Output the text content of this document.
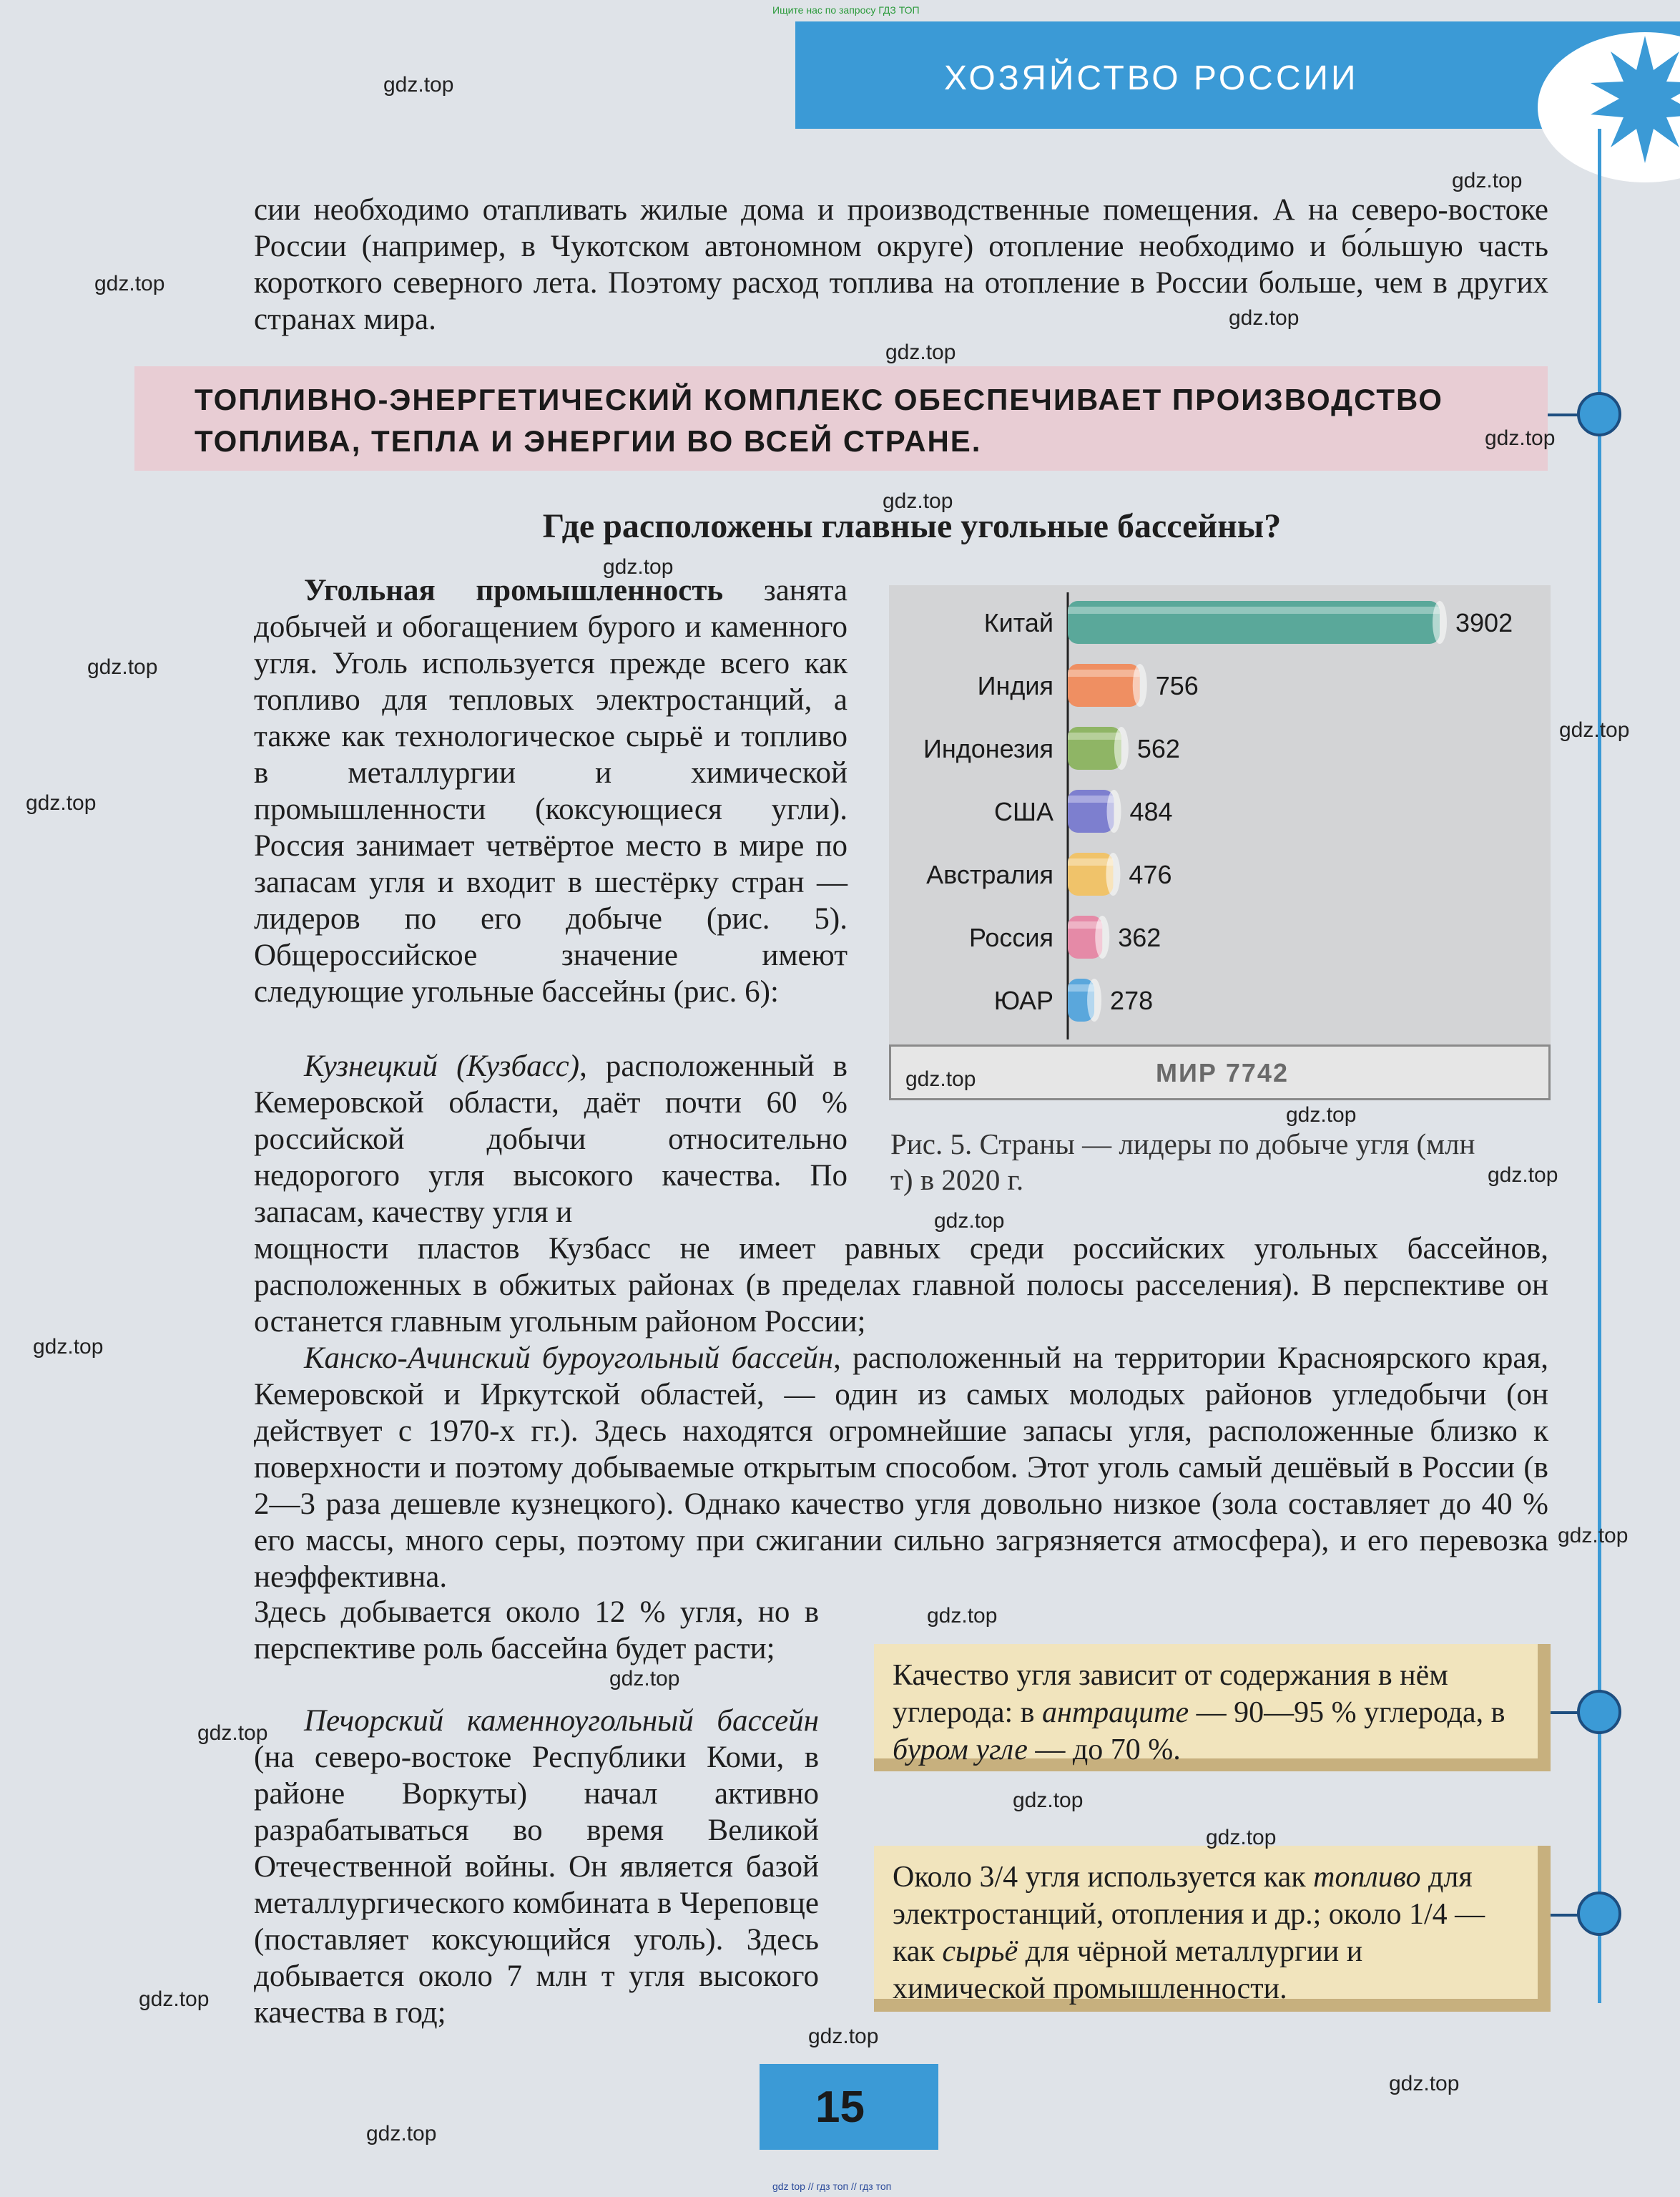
Ищите нас по запросу ГДЗ ТОП
ХОЗЯЙСТВО РОССИИ
сии необходимо отапливать жилые дома и производственные помещения. А на северо-востоке России (например, в Чукотском автономном округе) отопление необходимо и бо́льшую часть короткого северного лета. Поэтому расход топлива на отопление в России больше, чем в других странах мира.
ТОПЛИВНО-ЭНЕРГЕТИЧЕСКИЙ КОМПЛЕКС ОБЕСПЕЧИВАЕТ ПРОИЗВОДСТВО ТОПЛИВА, ТЕПЛА И ЭНЕРГИИ ВО ВСЕЙ СТРАНЕ.
Где расположены главные угольные бассейны?
Угольная промышленность занята добычей и обогащением бурого и каменного угля. Уголь используется прежде всего как топливо для тепловых электростанций, а также как технологическое сырьё и топливо в металлургии и химической промышленности (коксующиеся угли). Россия занимает четвёртое место в мире по запасам угля и входит в шестёрку стран — лидеров по его добыче (рис. 5). Общероссийское значение имеют следующие угольные бассейны (рис. 6):
Кузнецкий (Кузбасс), расположенный в Кемеровской области, даёт почти 60 % российской добычи относительно недорогого угля высокого качества. По запасам, качеству угля и
мощности пластов Кузбасс не имеет равных среди российских угольных бассейнов, расположенных в обжитых районах (в пределах главной полосы расселения). В перспективе он останется главным угольным районом России;
Канско-Ачинский буроугольный бассейн, расположенный на территории Красноярского края, Кемеровской и Иркутской областей, — один из самых молодых районов угледобычи (он действует с 1970-х гг.). Здесь находятся огромнейшие запасы угля, расположенные близко к поверхности и поэтому добываемые открытым способом. Этот уголь самый дешёвый в России (в 2—3 раза дешевле кузнецкого). Однако качество угля довольно низкое (зола составляет до 40 % его массы, много серы, поэтому при сжигании сильно загрязняется атмосфера), и его перевозка неэффективна.
Здесь добывается около 12 % угля, но в перспективе роль бассейна будет расти;
Печорский каменноугольный бассейн (на северо-востоке Республики Коми, в районе Воркуты) начал активно разрабатываться во время Великой Отечественной войны. Он является базой металлургического комбината в Череповце (поставляет коксующийся уголь). Здесь добывается около 7 млн т угля высокого качества в год;
Китай	3902
Индия	756
Индонезия	562
США	484
Австралия	476
Россия	362
ЮАР 278
МИР 7742
Рис. 5. Страны — лидеры по добыче угля (млн т) в 2020 г.
Качество угля зависит от содержания в нём углерода: в антраците — 90—95 % углерода, в буром угле — до 70 %.
Около 3/4 угля используется как топливо для электростанций, отопления и др.; около 1/4 — как сырьё для чёрной металлургии и химической промышленности.
15
gdz top // гдз топ // гдз топ
gdz.top
gdz.top
gdz.top
gdz.top
gdz.top
gdz.top
gdz.top
gdz.top
gdz.top
gdz.top
gdz.top
gdz.top
gdz.top
gdz.top
gdz.top
gdz.top
gdz.top
gdz.top
gdz.top
gdz.top
gdz.top
gdz.top
gdz.top
gdz.top
gdz.top
gdz.top
